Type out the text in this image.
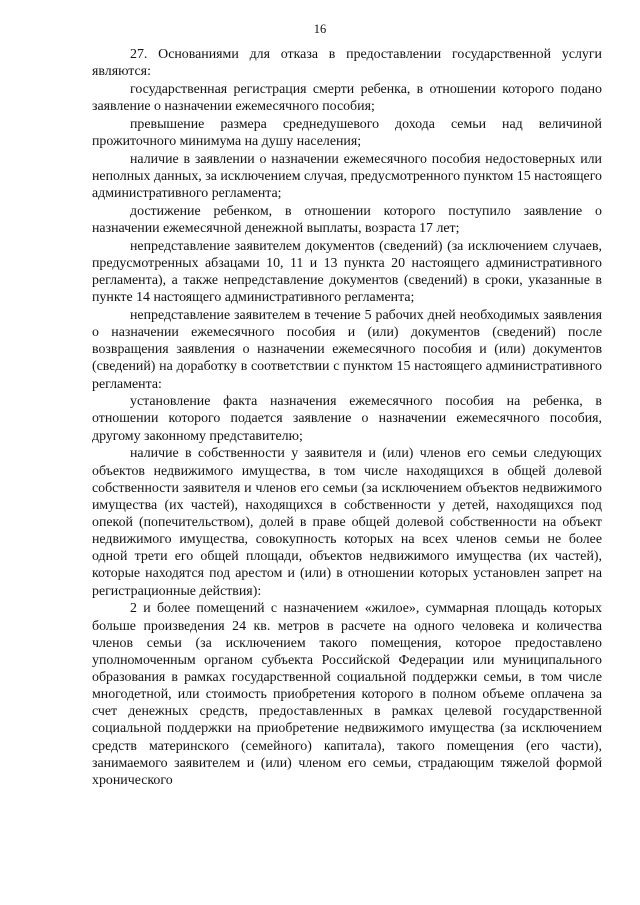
16

27. Основаниями для отказа в предоставлении государственной услуги являются:

государственная регистрация смерти ребенка, в отношении которого подано заявление о назначении ежемесячного пособия;

превышение размера среднедушевого дохода семьи над величиной прожиточного минимума на душу населения;

наличие в заявлении о назначении ежемесячного пособия недостоверных или неполных данных, за исключением случая, предусмотренного пунктом 15 настоящего административного регламента;

достижение ребенком, в отношении которого поступило заявление о назначении ежемесячной денежной выплаты, возраста 17 лет;

непредставление заявителем документов (сведений) (за исключением случаев, предусмотренных абзацами 10, 11 и 13 пункта 20 настоящего административного регламента), а также непредставление документов (сведений) в сроки, указанные в пункте 14 настоящего административного регламента;

непредставление заявителем в течение 5 рабочих дней необходимых заявления о назначении ежемесячного пособия и (или) документов (сведений) после возвращения заявления о назначении ежемесячного пособия и (или) документов (сведений) на доработку в соответствии с пунктом 15 настоящего административного регламента:

установление факта назначения ежемесячного пособия на ребенка, в отношении которого подается заявление о назначении ежемесячного пособия, другому законному представителю;

наличие в собственности у заявителя и (или) членов его семьи следующих объектов недвижимого имущества, в том числе находящихся в общей долевой собственности заявителя и членов его семьи (за исключением объектов недвижимого имущества (их частей), находящихся в собственности у детей, находящихся под опекой (попечительством), долей в праве общей долевой собственности на объект недвижимого имущества, совокупность которых на всех членов семьи не более одной трети его общей площади, объектов недвижимого имущества (их частей), которые находятся под арестом и (или) в отношении которых установлен запрет на регистрационные действия):

2 и более помещений с назначением «жилое», суммарная площадь которых больше произведения 24 кв. метров в расчете на одного человека и количества членов семьи (за исключением такого помещения, которое предоставлено уполномоченным органом субъекта Российской Федерации или муниципального образования в рамках государственной социальной поддержки семьи, в том числе многодетной, или стоимость приобретения которого в полном объеме оплачена за счет денежных средств, предоставленных в рамках целевой государственной социальной поддержки на приобретение недвижимого имущества (за исключением средств материнского (семейного) капитала), такого помещения (его части), занимаемого заявителем и (или) членом его семьи, страдающим тяжелой формой хронического
